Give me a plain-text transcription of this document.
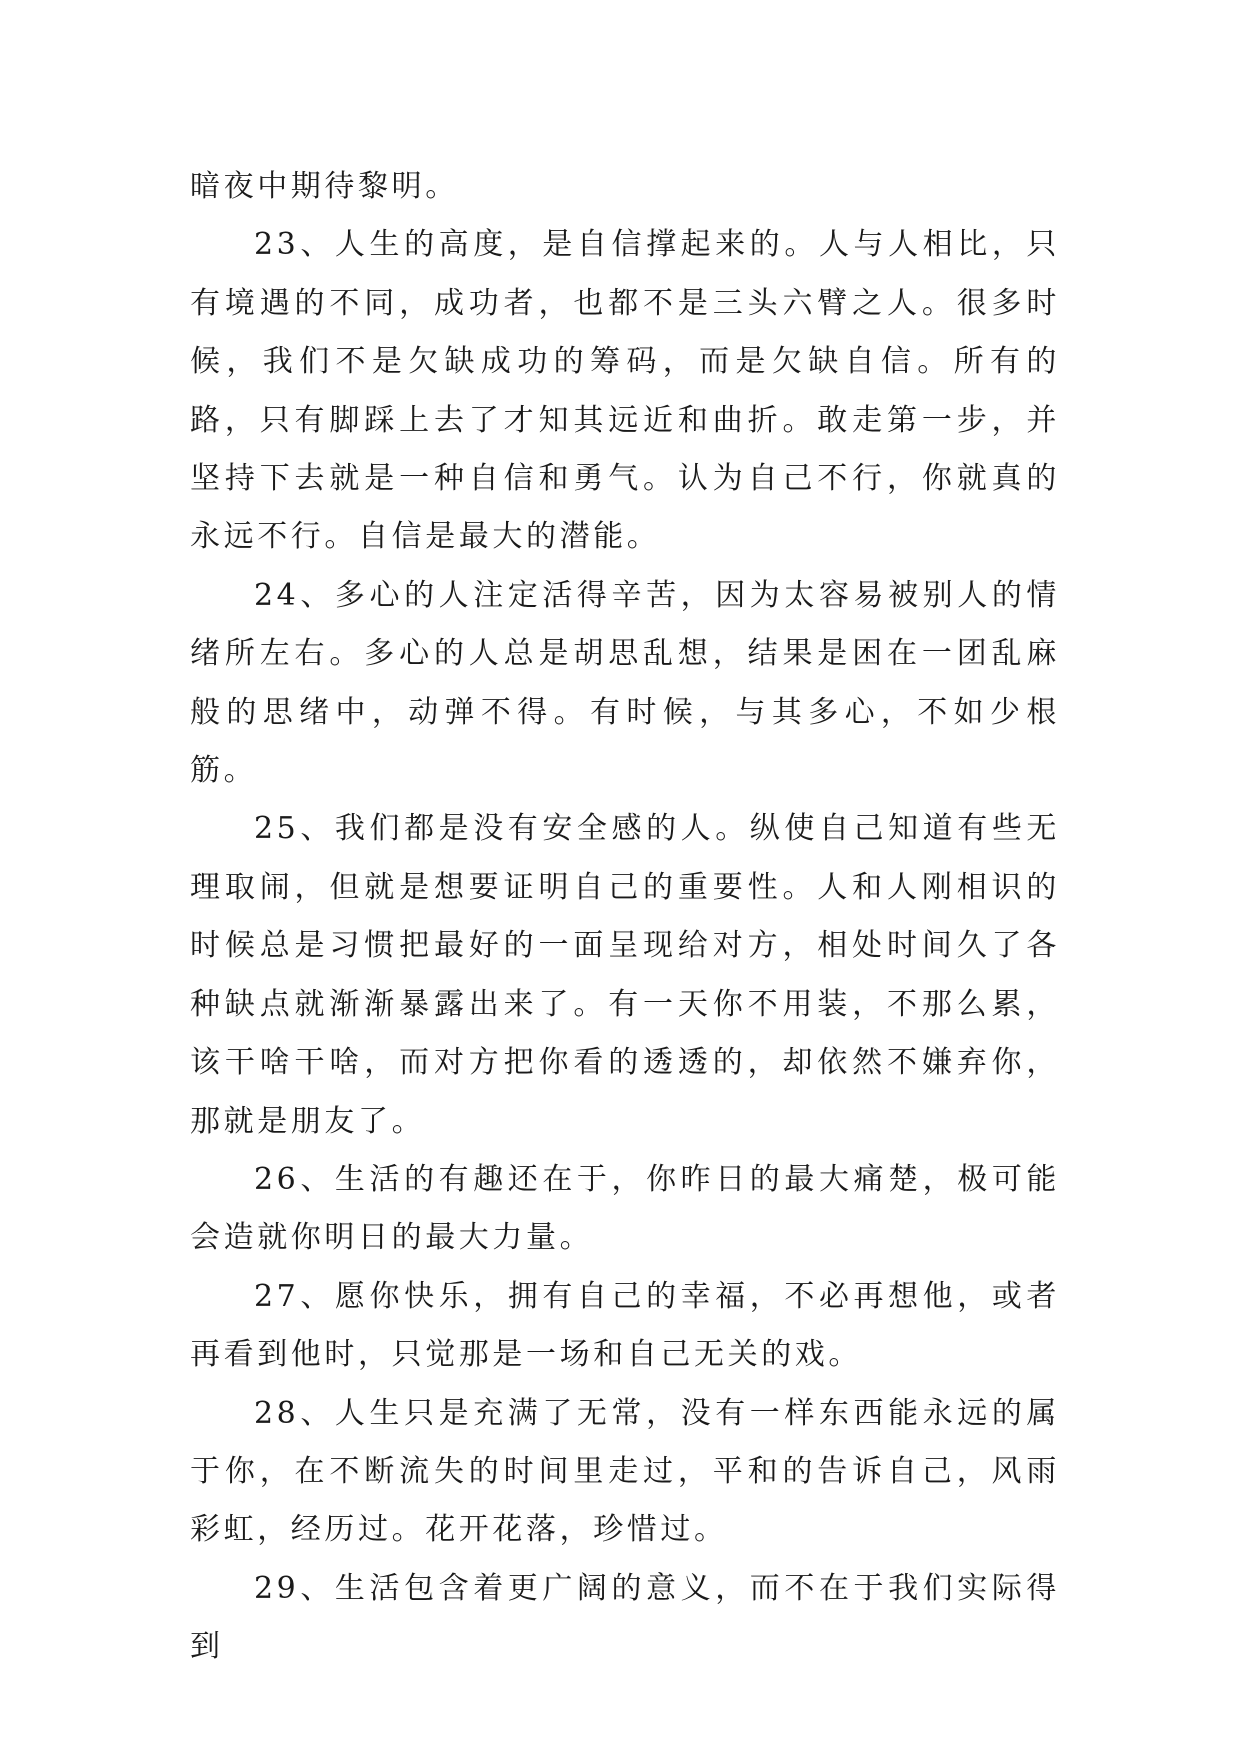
暗夜中期待黎明。

23、人生的高度，是自信撑起来的。人与人相比，只有境遇的不同，成功者，也都不是三头六臂之人。很多时候，我们不是欠缺成功的筹码，而是欠缺自信。所有的路，只有脚踩上去了才知其远近和曲折。敢走第一步，并坚持下去就是一种自信和勇气。认为自己不行，你就真的永远不行。自信是最大的潜能。

24、多心的人注定活得辛苦，因为太容易被别人的情绪所左右。多心的人总是胡思乱想，结果是困在一团乱麻般的思绪中，动弹不得。有时候，与其多心，不如少根筋。

25、我们都是没有安全感的人。纵使自己知道有些无理取闹，但就是想要证明自己的重要性。人和人刚相识的时候总是习惯把最好的一面呈现给对方，相处时间久了各种缺点就渐渐暴露出来了。有一天你不用装，不那么累，该干啥干啥，而对方把你看的透透的，却依然不嫌弃你，那就是朋友了。

26、生活的有趣还在于，你昨日的最大痛楚，极可能会造就你明日的最大力量。

27、愿你快乐，拥有自己的幸福，不必再想他，或者再看到他时，只觉那是一场和自己无关的戏。

28、人生只是充满了无常，没有一样东西能永远的属于你，在不断流失的时间里走过，平和的告诉自己，风雨彩虹，经历过。花开花落，珍惜过。

29、生活包含着更广阔的意义，而不在于我们实际得到
